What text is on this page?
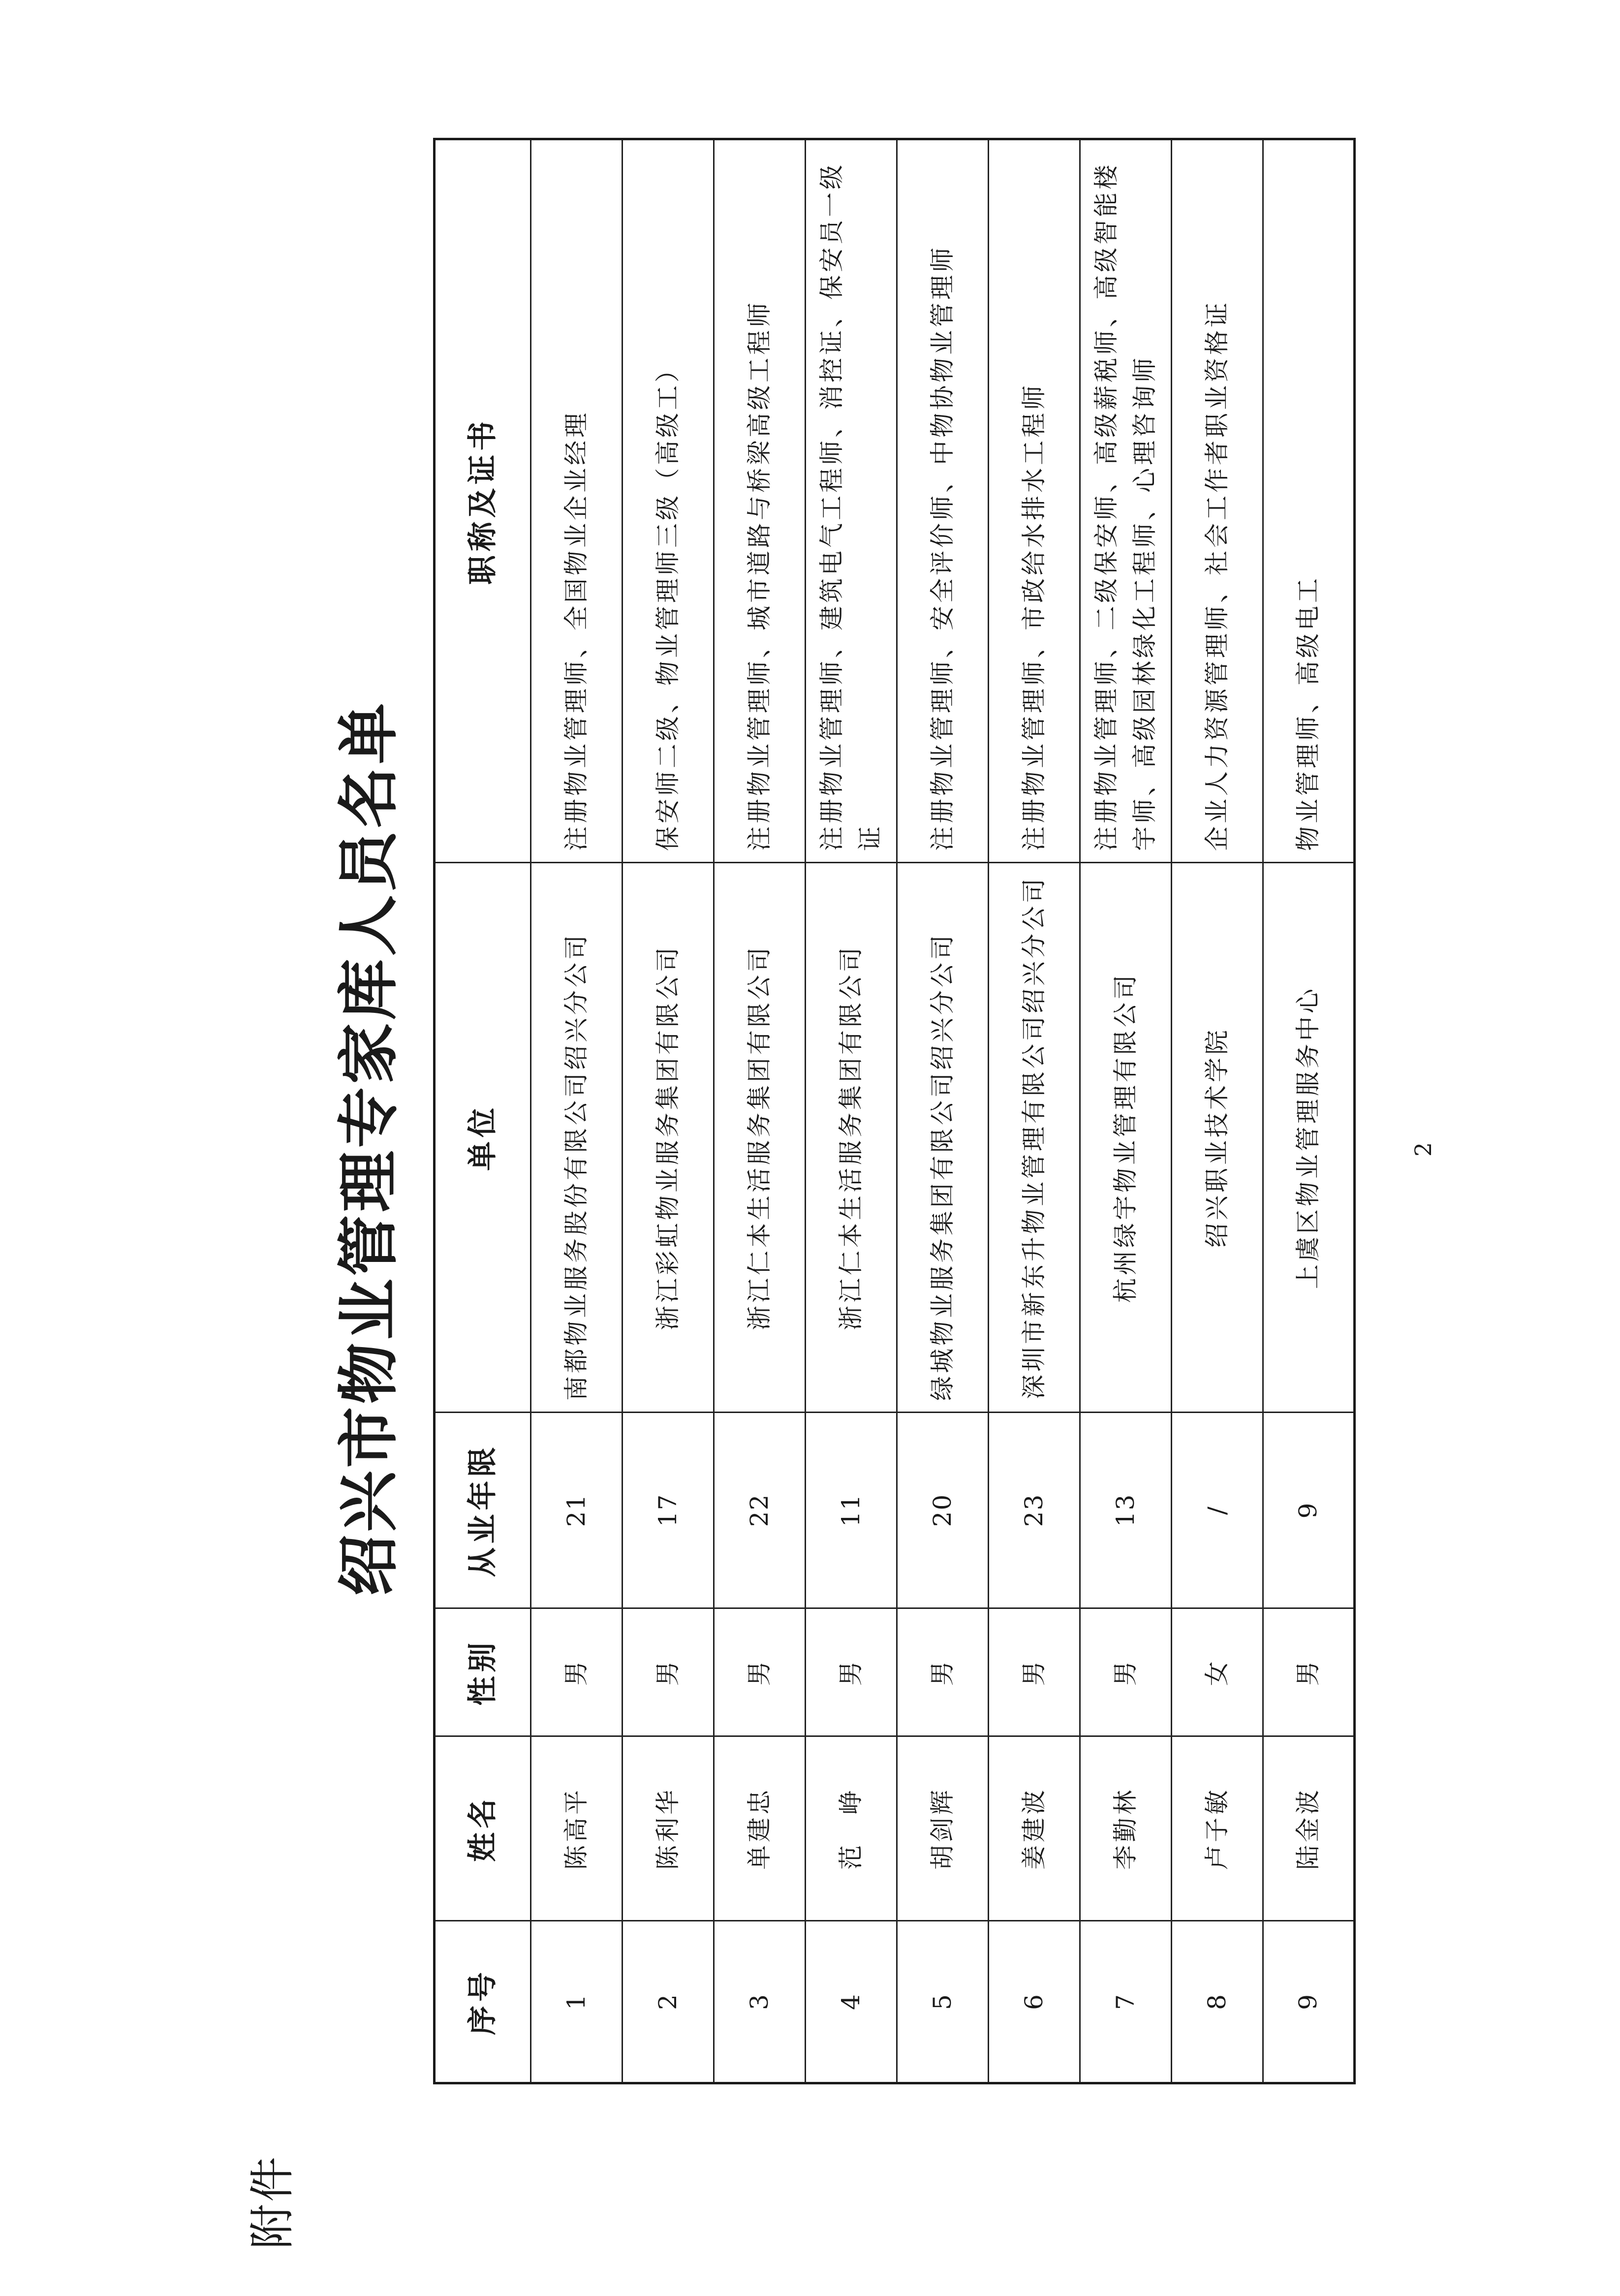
附件
绍兴市物业管理专家库人员名单
序号	姓名	性别	从业年限	单位	职称及证书
1	陈高平	男	21	南都物业服务股份有限公司绍兴分公司	注册物业管理师、全国物业企业经理
2	陈利华	男	17	浙江彩虹物业服务集团有限公司	保安师二级、物业管理师三级（高级工）
3	单建忠	男	22	浙江仁本生活服务集团有限公司	注册物业管理师、城市道路与桥梁高级工程师
4	范　峥	男	11	浙江仁本生活服务集团有限公司	注册物业管理师、建筑电气工程师、消控证、保安员一级证
5	胡剑辉	男	20	绿城物业服务集团有限公司绍兴分公司	注册物业管理师、安全评价师、中物协物业管理师
6	姜建波	男	23	深圳市新东升物业管理有限公司绍兴分公司	注册物业管理师、市政给水排水工程师
7	李勤林	男	13	杭州绿宇物业管理有限公司	注册物业管理师、二级保安师、高级薪税师、高级智能楼宇师、高级园林绿化工程师、心理咨询师
8	卢子敏	女	/	绍兴职业技术学院	企业人力资源管理师、社会工作者职业资格证
9	陆金波	男	9	上虞区物业管理服务中心	物业管理师、高级电工
2
